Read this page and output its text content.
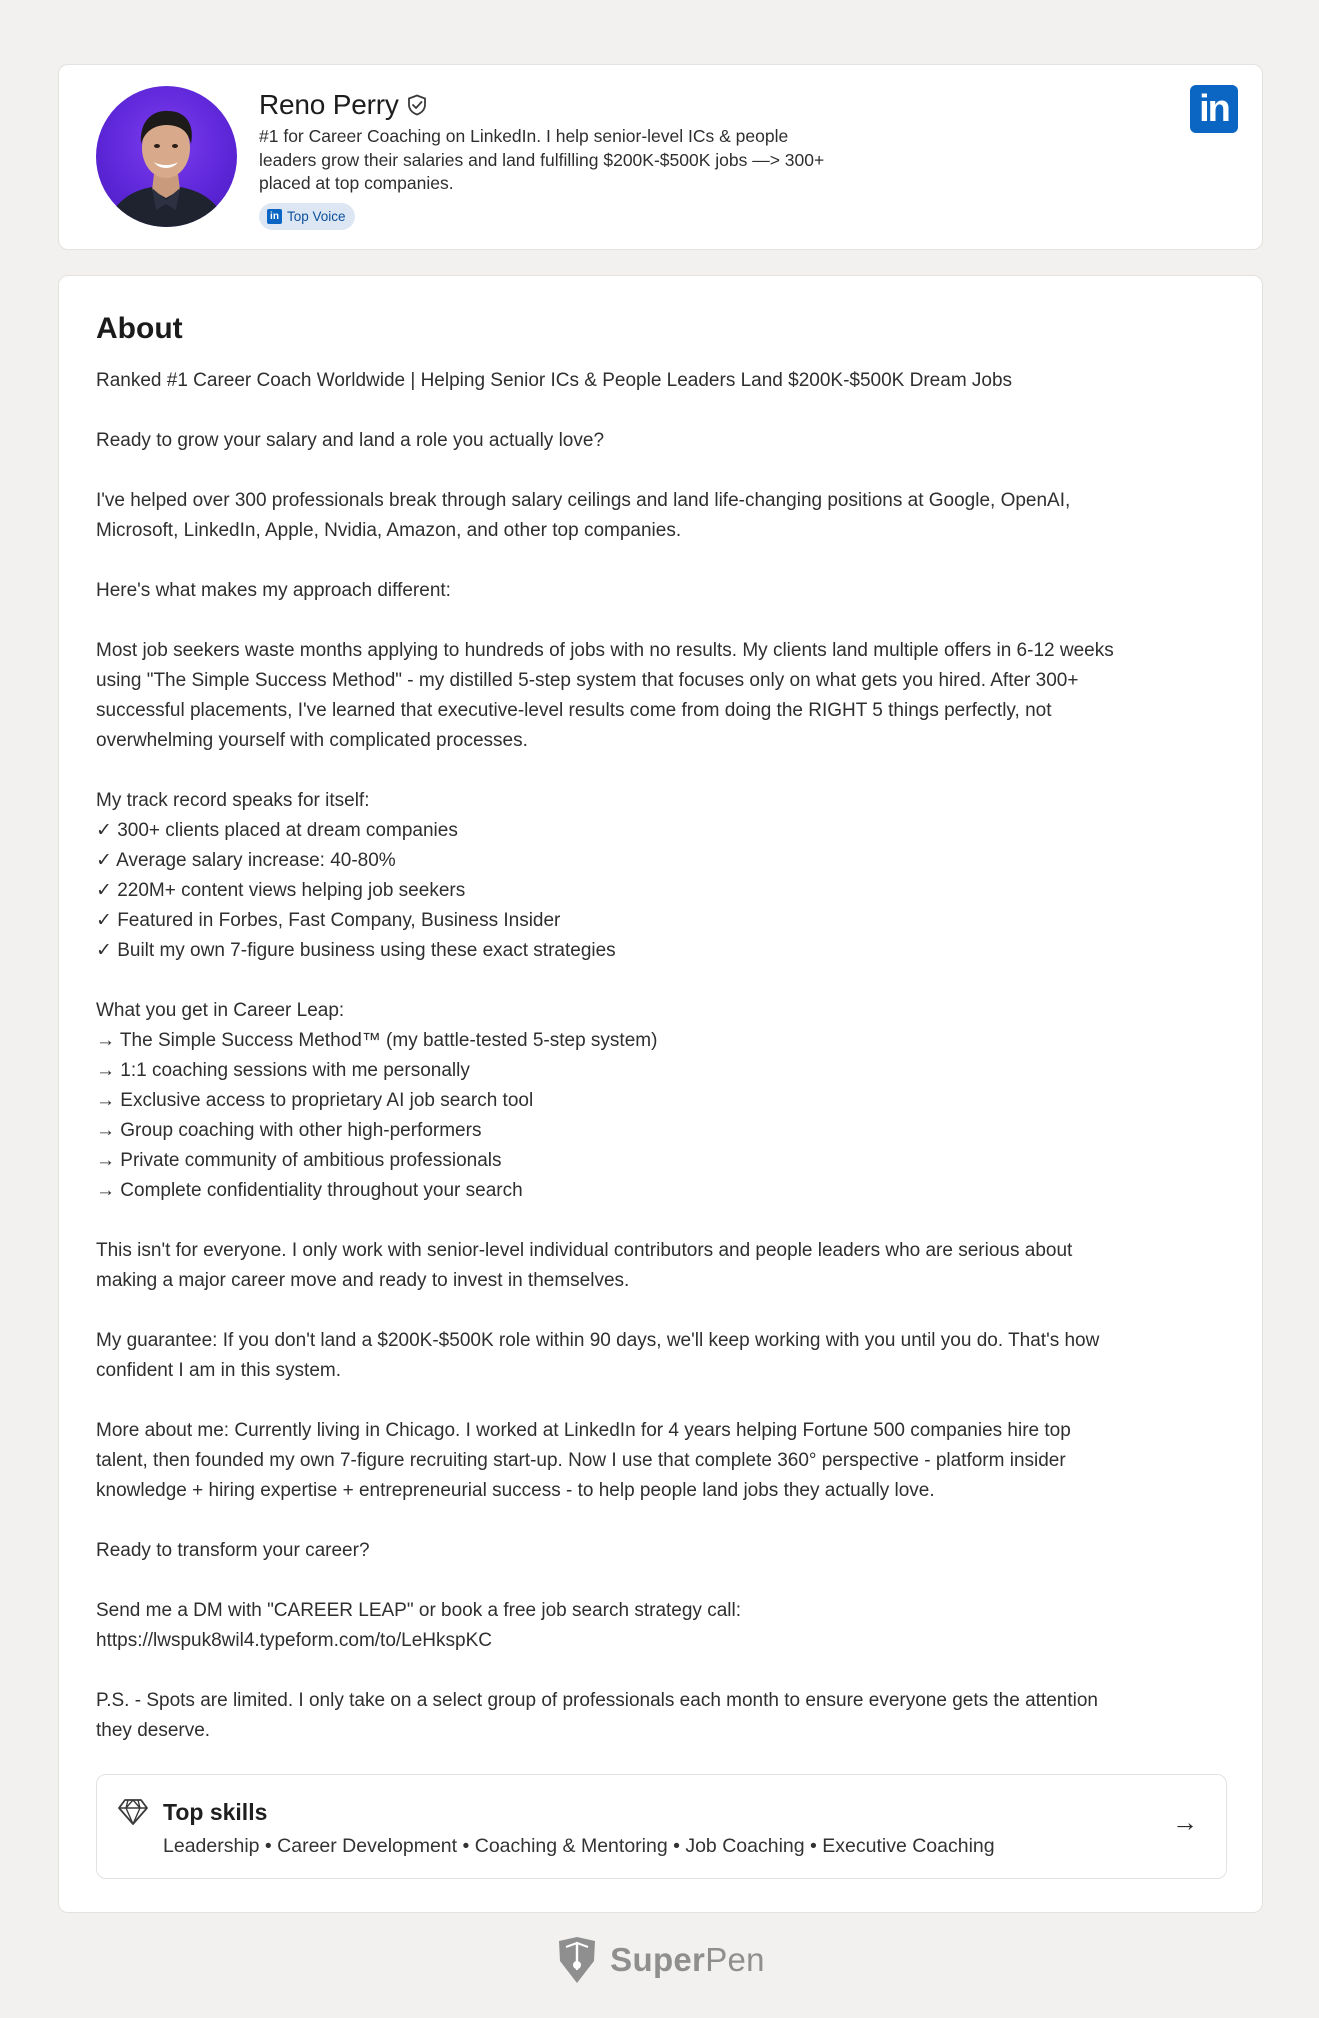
Reno Perry
#1 for Career Coaching on LinkedIn. I help senior-level ICs & people leaders grow their salaries and land fulfilling $200K-$500K jobs —> 300+ placed at top companies.
in Top Voice
in
About

Ranked #1 Career Coach Worldwide | Helping Senior ICs & People Leaders Land $200K-$500K Dream Jobs

Ready to grow your salary and land a role you actually love?

I've helped over 300 professionals break through salary ceilings and land life-changing positions at Google, OpenAI,
Microsoft, LinkedIn, Apple, Nvidia, Amazon, and other top companies.

Here's what makes my approach different:

Most job seekers waste months applying to hundreds of jobs with no results. My clients land multiple offers in 6-12 weeks
using "The Simple Success Method" - my distilled 5-step system that focuses only on what gets you hired. After 300+
successful placements, I've learned that executive-level results come from doing the RIGHT 5 things perfectly, not
overwhelming yourself with complicated processes.

My track record speaks for itself:
✓ 300+ clients placed at dream companies
✓ Average salary increase: 40-80%
✓ 220M+ content views helping job seekers
✓ Featured in Forbes, Fast Company, Business Insider
✓ Built my own 7-figure business using these exact strategies

What you get in Career Leap:
→ The Simple Success Method™ (my battle-tested 5-step system)
→ 1:1 coaching sessions with me personally
→ Exclusive access to proprietary AI job search tool
→ Group coaching with other high-performers
→ Private community of ambitious professionals
→ Complete confidentiality throughout your search

This isn't for everyone. I only work with senior-level individual contributors and people leaders who are serious about
making a major career move and ready to invest in themselves.

My guarantee: If you don't land a $200K-$500K role within 90 days, we'll keep working with you until you do. That's how
confident I am in this system.

More about me: Currently living in Chicago. I worked at LinkedIn for 4 years helping Fortune 500 companies hire top
talent, then founded my own 7-figure recruiting start-up. Now I use that complete 360° perspective - platform insider
knowledge + hiring expertise + entrepreneurial success - to help people land jobs they actually love.

Ready to transform your career?

Send me a DM with "CAREER LEAP" or book a free job search strategy call:
https://lwspuk8wil4.typeform.com/to/LeHkspKC

P.S. - Spots are limited. I only take on a select group of professionals each month to ensure everyone gets the attention
they deserve.

Top skills
Leadership • Career Development • Coaching & Mentoring • Job Coaching • Executive Coaching
→
SuperPen
